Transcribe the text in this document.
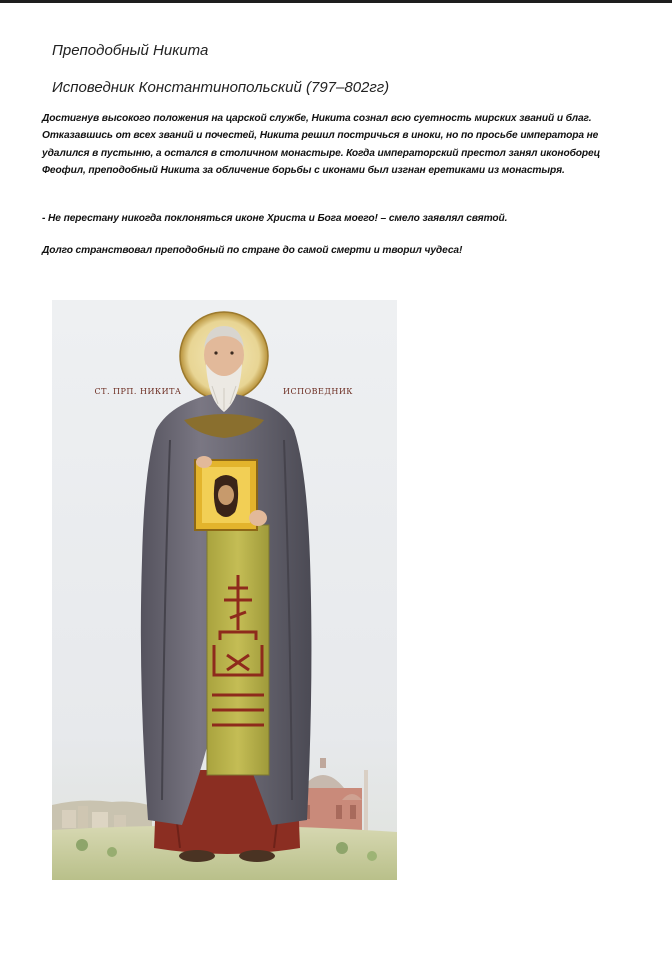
Преподобный Никита
Исповедник Константинопольский (797–802гг)
Достигнув высокого положения на царской службе, Никита сознал всю суетность мирских званий и благ. Отказавшись от всех званий и почестей, Никита решил постричься в иноки, но по просьбе императора не удалился в пустыню, а остался в столичном монастыре. Когда императорский престол занял иконоборец Феофил, преподобный Никита за обличение борьбы с иконами был изгнан еретиками из монастыря.
- Не перестану никогда поклоняться иконе Христа и Бога моего! – смело заявлял святой.
Долго странствовал преподобный по стране до самой смерти и творил чудеса!
СТ. ПРП. НИКИТА	ИСПОВЕДНИК
